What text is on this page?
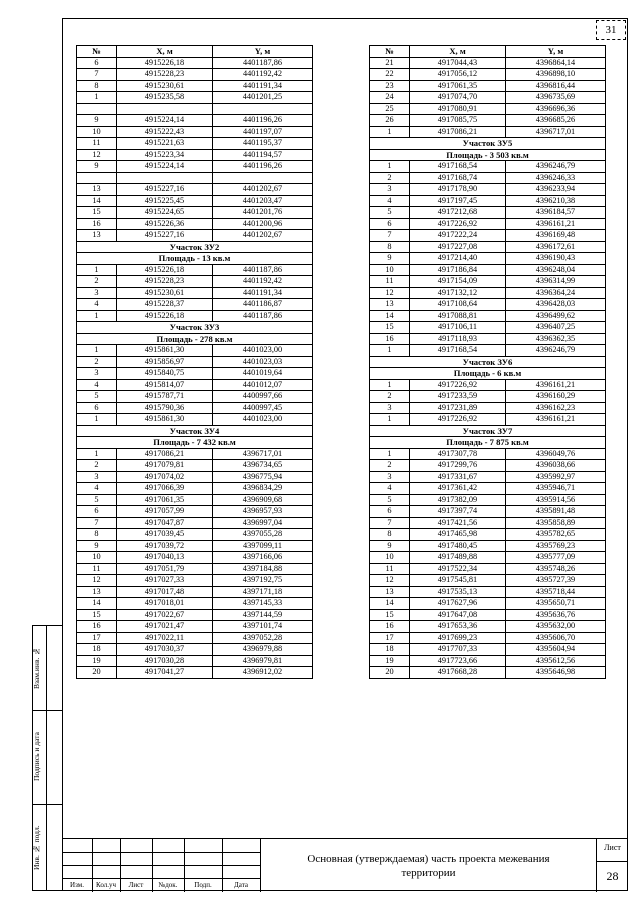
31
№	X, м	Y, м
6	4915226,18	4401187,86
7	4915228,23	4401192,42
8	4915230,61	4401191,34
1	4915235,58	4401201,25

9	4915224,14	4401196,26
10	4915222,43	4401197,07
11	4915221,63	4401195,37
12	4915223,34	4401194,57
9	4915224,14	4401196,26

13	4915227,16	4401202,67
14	4915225,45	4401203,47
15	4915224,65	4401201,76
16	4915226,36	4401200,96
13	4915227,16	4401202,67
Участок ЗУ2		
Площадь - 13 кв.м		
1	4915226,18	4401187,86
2	4915228,23	4401192,42
3	4915230,61	4401191,34
4	4915228,37	4401186,87
1	4915226,18	4401187,86
Участок ЗУ3		
Площадь - 278 кв.м		
1	4915861,30	4401023,00
2	4915856,97	4401023,03
3	4915840,75	4401019,64
4	4915814,07	4401012,07
5	4915787,71	4400997,66
6	4915790,36	4400997,45
1	4915861,30	4401023,00
Участок ЗУ4		
Площадь - 7 432 кв.м		
1	4917086,21	4396717,01
2	4917079,81	4396734,65
3	4917074,02	4396775,94
4	4917066,39	4396834,29
5	4917061,35	4396909,68
6	4917057,99	4396957,93
7	4917047,87	4396997,04
8	4917039,45	4397055,28
9	4917039,72	4397099,11
10	4917040,13	4397166,06
11	4917051,79	4397184,88
12	4917027,33	4397192,75
13	4917017,48	4397171,18
14	4917018,01	4397145,33
15	4917022,67	4397144,59
16	4917021,47	4397101,74
17	4917022,11	4397052,28
18	4917030,37	4396979,88
19	4917030,28	4396979,81
20	4917041,27	4396912,02
№	X, м	Y, м
21	4917044,43	4396864,14
22	4917056,12	4396898,10
23	4917061,35	4396816,44
24	4917074,70	4396735,69
25	4917080,91	4396696,36
26	4917085,75	4396685,26
1	4917086,21	4396717,01
Участок ЗУ5		
Площадь - 3 503 кв.м		
1	4917168,54	4396246,79
2	4917168,74	4396246,33
3	4917178,90	4396233,94
4	4917197,45	4396210,38
5	4917212,68	4396184,57
6	4917226,92	4396161,21
7	4917222,24	4396169,48
8	4917227,08	4396172,61
9	4917214,40	4396190,43
10	4917186,84	4396248,04
11	4917154,09	4396314,99
12	4917132,12	4396364,24
13	4917108,64	4396428,03
14	4917088,81	4396499,62
15	4917106,11	4396407,25
16	4917118,93	4396362,35
1	4917168,54	4396246,79
Участок ЗУ6		
Площадь - 6 кв.м		
1	4917226,92	4396161,21
2	4917233,59	4396160,29
3	4917231,89	4396162,23
1	4917226,92	4396161,21
Участок ЗУ7		
Площадь - 7 875 кв.м		
1	4917307,78	4396049,76
2	4917299,76	4396038,66
3	4917331,67	4395992,97
4	4917361,42	4395946,71
5	4917382,09	4395914,56
6	4917397,74	4395891,48
7	4917421,56	4395858,89
8	4917465,98	4395782,65
9	4917480,45	4395769,23
10	4917489,88	4395777,09
11	4917522,34	4395748,26
12	4917545,81	4395727,39
13	4917535,13	4395718,44
14	4917627,96	4395650,71
15	4917647,08	4395636,76
16	4917653,36	4395632,00
17	4917699,23	4395606,70
18	4917707,33	4395604,94
19	4917723,66	4395612,56
20	4917668,28	4395646,98
Изм.	Кол.уч	Лист	№док.	Подп.	Дата
Основная (утверждаемая) часть проекта межевания территории
Лист
28
Взам.инв. №
Подпись и дата
Инв. № подл.
